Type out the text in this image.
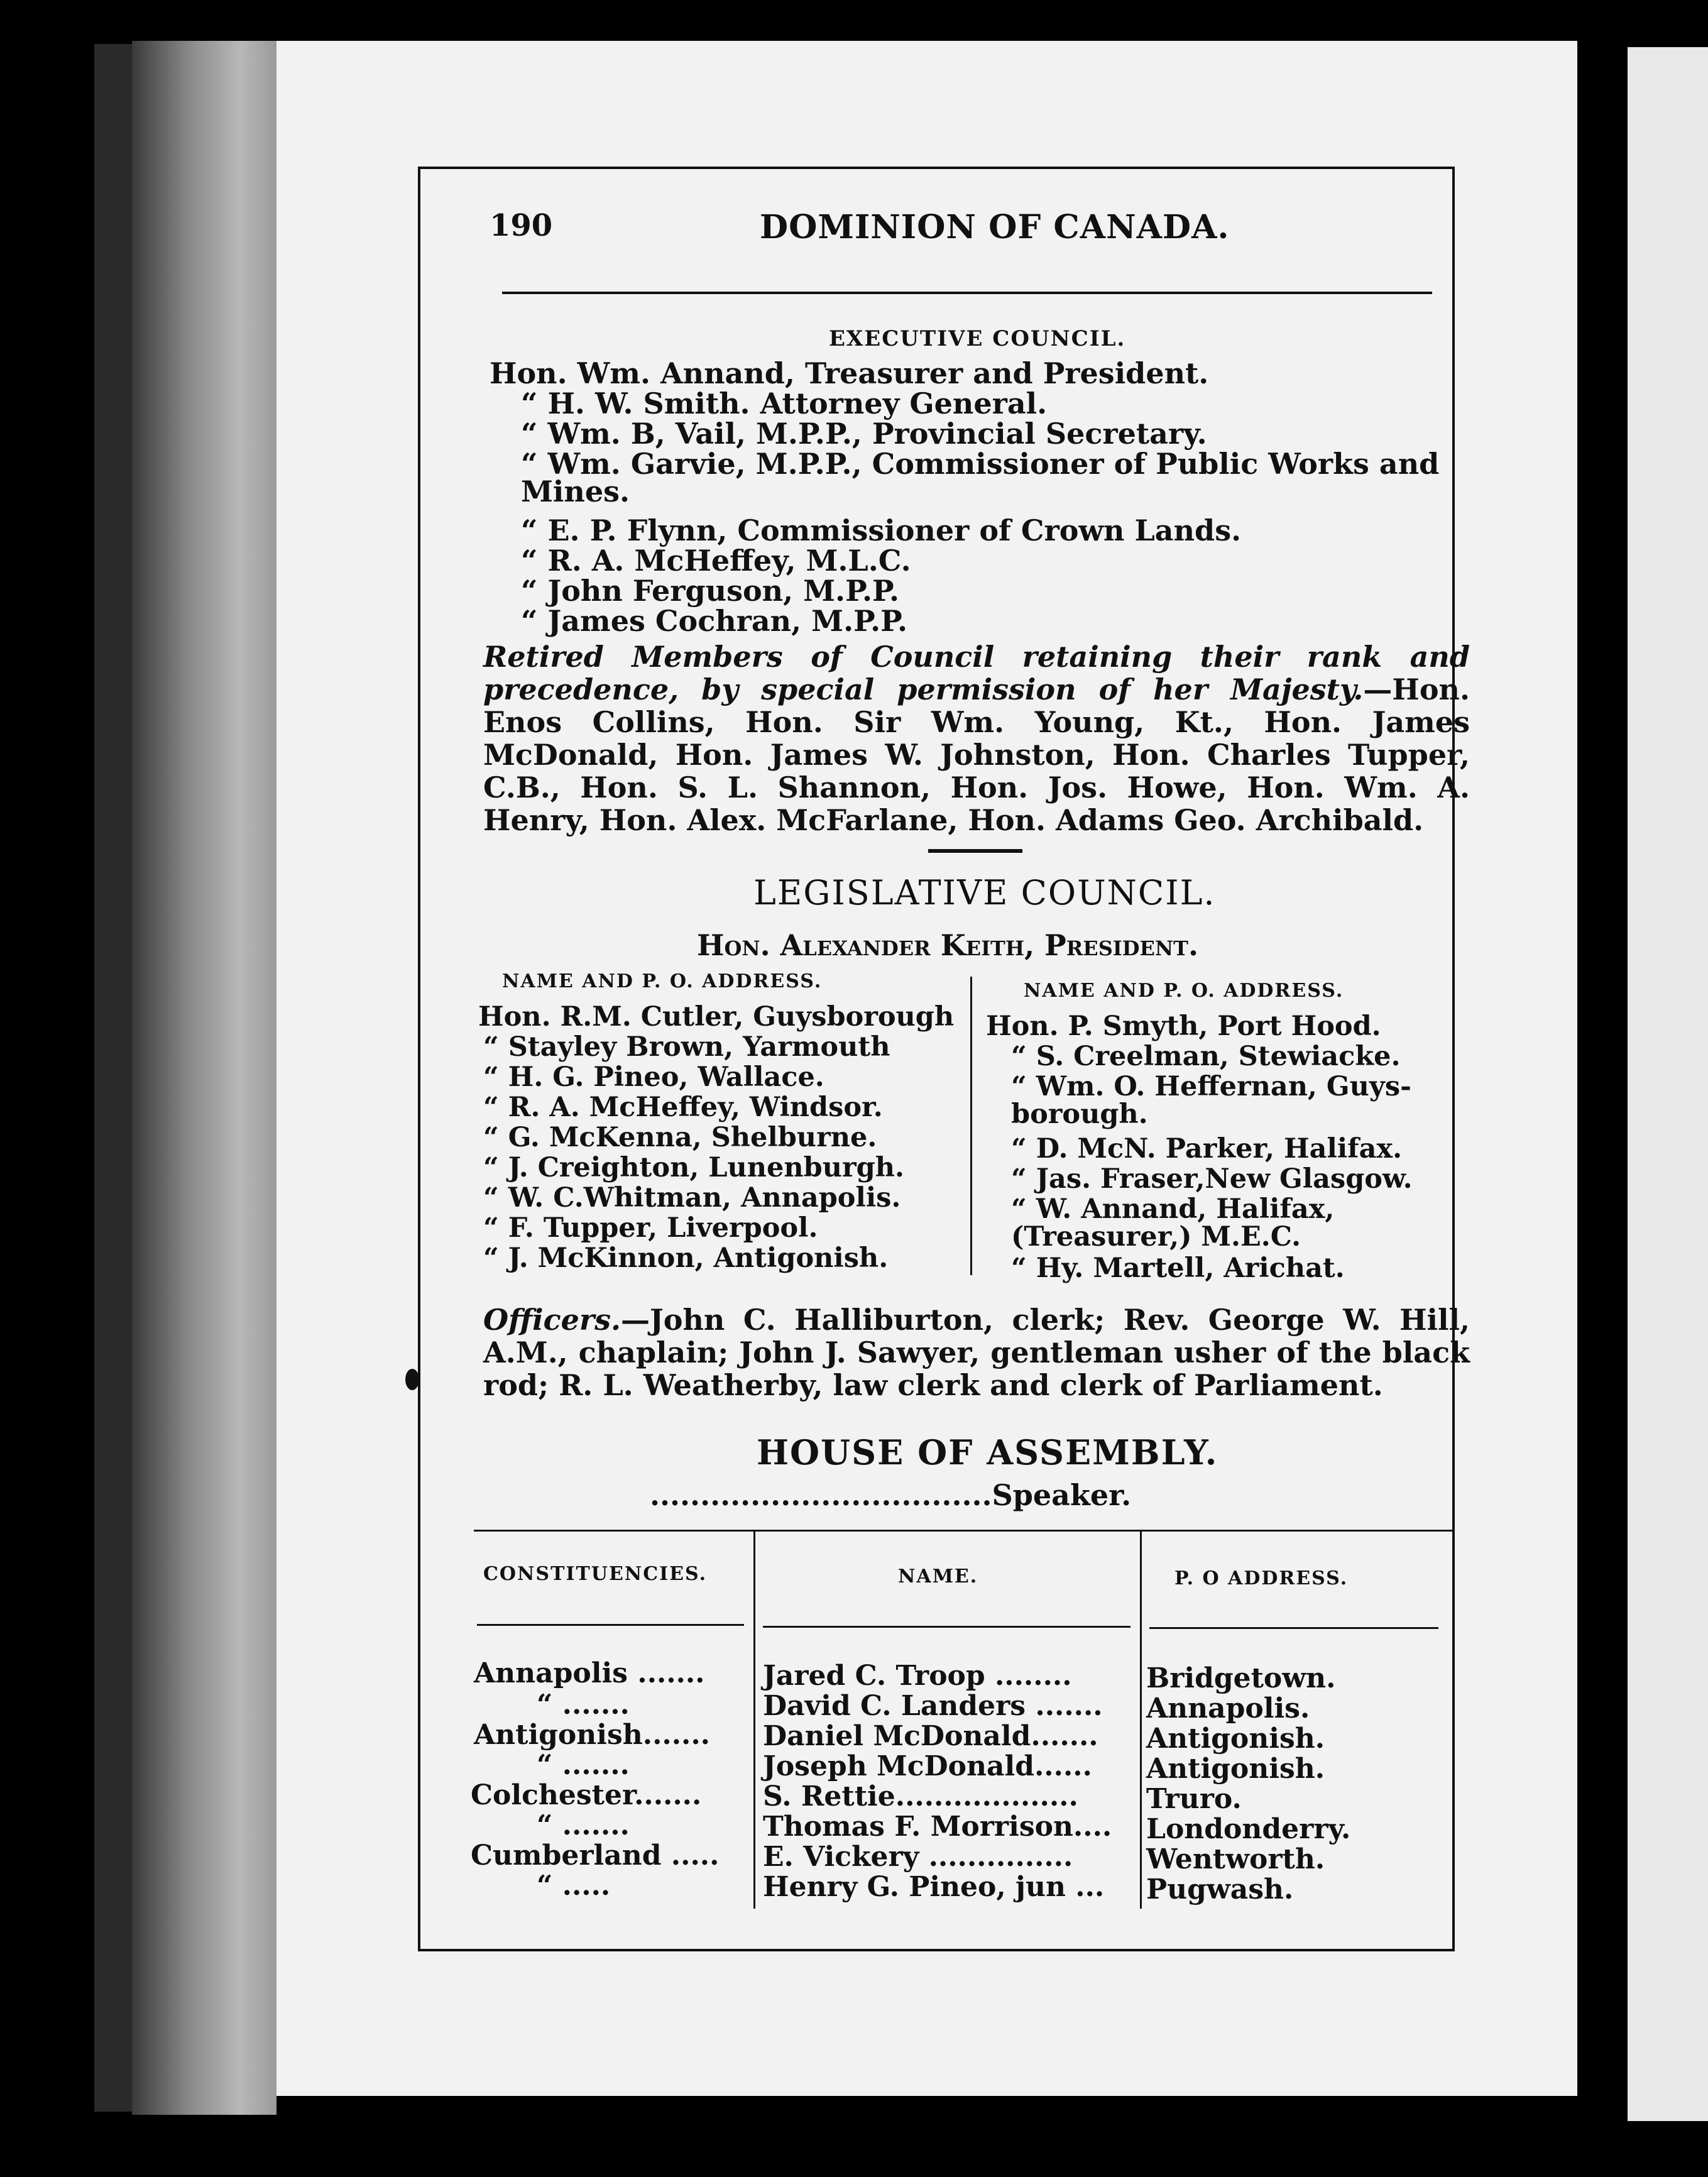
190	DOMINION OF CANADA.
EXECUTIVE COUNCIL.
Hon. Wm. Annand, Treasurer and President.
“ H. W. Smith. Attorney General.
“ Wm. B, Vail, M.P.P., Provincial Secretary.
“ Wm. Garvie, M.P.P., Commissioner of Public Works and
Mines.
“ E. P. Flynn, Commissioner of Crown Lands.
“ R. A. McHeffey, M.L.C.
“ John Ferguson, M.P.P.
“ James Cochran, M.P.P.
Retired Members of Council retaining their rank and precedence, by special permission of her Majesty.—Hon. Enos Collins, Hon. Sir Wm. Young, Kt., Hon. James McDonald, Hon. James W. Johnston, Hon. Charles Tupper, C.B., Hon. S. L. Shannon, Hon. Jos. Howe, Hon. Wm. A. Henry, Hon. Alex. McFarlane, Hon. Adams Geo. Archibald.
LEGISLATIVE COUNCIL.
Hon. Alexander Keith, President.
NAME AND P. O. ADDRESS.	NAME AND P. O. ADDRESS.
Hon. R.M. Cutler, Guysborough
“ Stayley Brown, Yarmouth
“ H. G. Pineo, Wallace.
“ R. A. McHeffey, Windsor.
“ G. McKenna, Shelburne.
“ J. Creighton, Lunenburgh.
“ W. C.Whitman, Annapolis.
“ F. Tupper, Liverpool.
“ J. McKinnon, Antigonish.
Hon. P. Smyth, Port Hood.
“ S. Creelman, Stewiacke.
“ Wm. O. Heffernan, Guys-
borough.
“ D. McN. Parker, Halifax.
“ Jas. Fraser,New Glasgow.
“ W. Annand, Halifax,
(Treasurer,) M.E.C.
“ Hy. Martell, Arichat.
Officers.—John C. Halliburton, clerk; Rev. George W. Hill, A.M., chaplain; John J. Sawyer, gentleman usher of the black rod; R. L. Weatherby, law clerk and clerk of Parliament.
HOUSE OF ASSEMBLY.
..................................Speaker.
CONSTITUENCIES.	NAME.	P. O ADDRESS.
Annapolis ....... Jared C. Troop ........	Bridgetown.
“ .......	David C. Landers ....... Annapolis.
Antigonish....... Daniel McDonald....... Antigonish.
“ .......	Joseph McDonald...... Antigonish.
Colchester....... S. Rettie................... Truro.
“ .......	Thomas F. Morrison.... Londonderry.
Cumberland ..... E. Vickery ...............	Wentworth.
“ .....	Henry G. Pineo, jun ... Pugwash.
